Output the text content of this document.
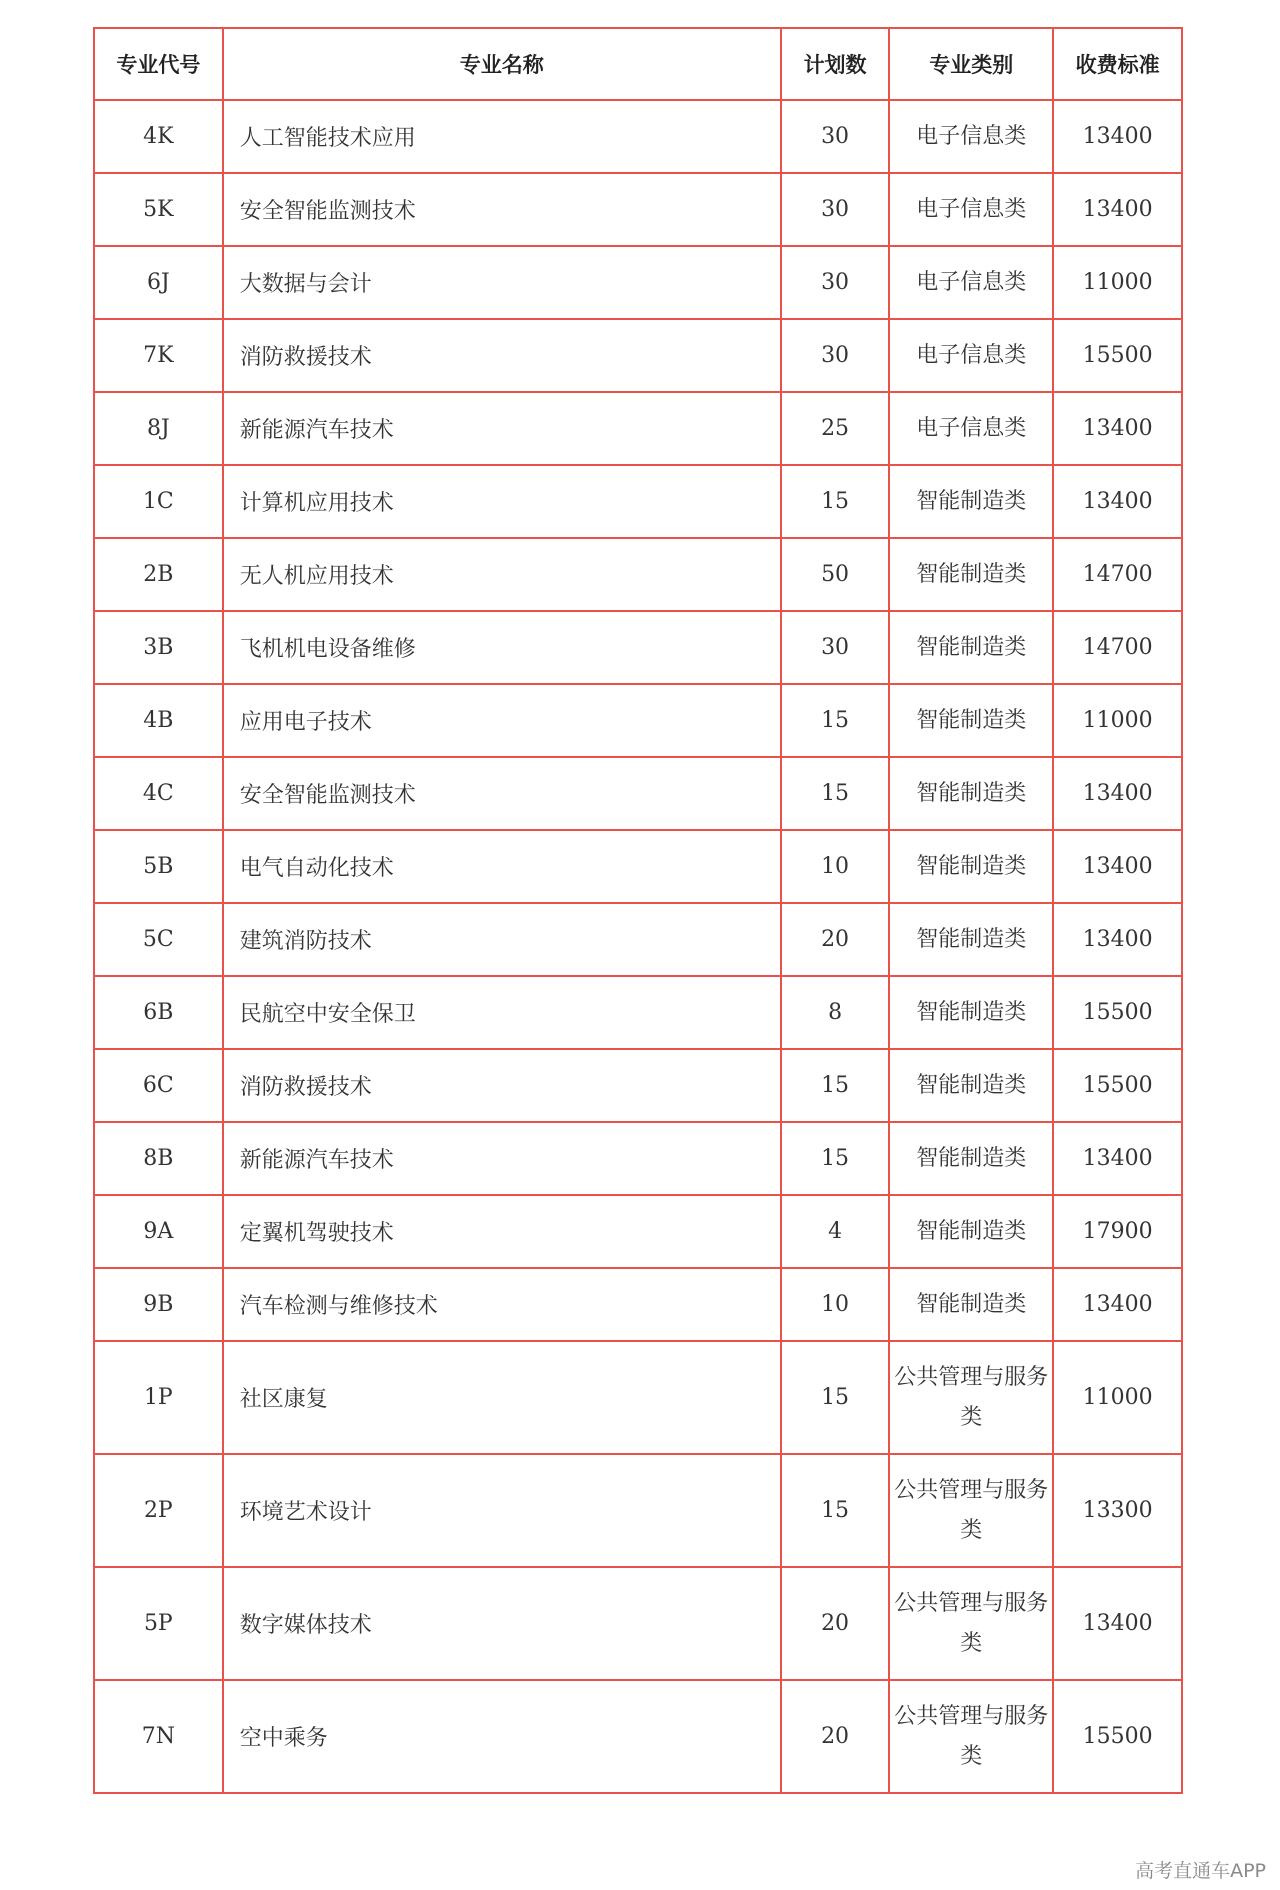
专业代号	专业名称	计划数	专业类别	收费标准
4K	人工智能技术应用	30	电子信息类	13400
5K	安全智能监测技术	30	电子信息类	13400
6J	大数据与会计	30	电子信息类	11000
7K	消防救援技术	30	电子信息类	15500
8J	新能源汽车技术	25	电子信息类	13400
1C	计算机应用技术	15	智能制造类	13400
2B	无人机应用技术	50	智能制造类	14700
3B	飞机机电设备维修	30	智能制造类	14700
4B	应用电子技术	15	智能制造类	11000
4C	安全智能监测技术	15	智能制造类	13400
5B	电气自动化技术	10	智能制造类	13400
5C	建筑消防技术	20	智能制造类	13400
6B	民航空中安全保卫	8	智能制造类	15500
6C	消防救援技术	15	智能制造类	15500
8B	新能源汽车技术	15	智能制造类	13400
9A	定翼机驾驶技术	4	智能制造类	17900
9B	汽车检测与维修技术	10	智能制造类	13400
1P	社区康复	15	公共管理与服务类	11000
2P	环境艺术设计	15	公共管理与服务类	13300
5P	数字媒体技术	20	公共管理与服务类	13400
7N	空中乘务	20	公共管理与服务类	15500
高考直通车APP
